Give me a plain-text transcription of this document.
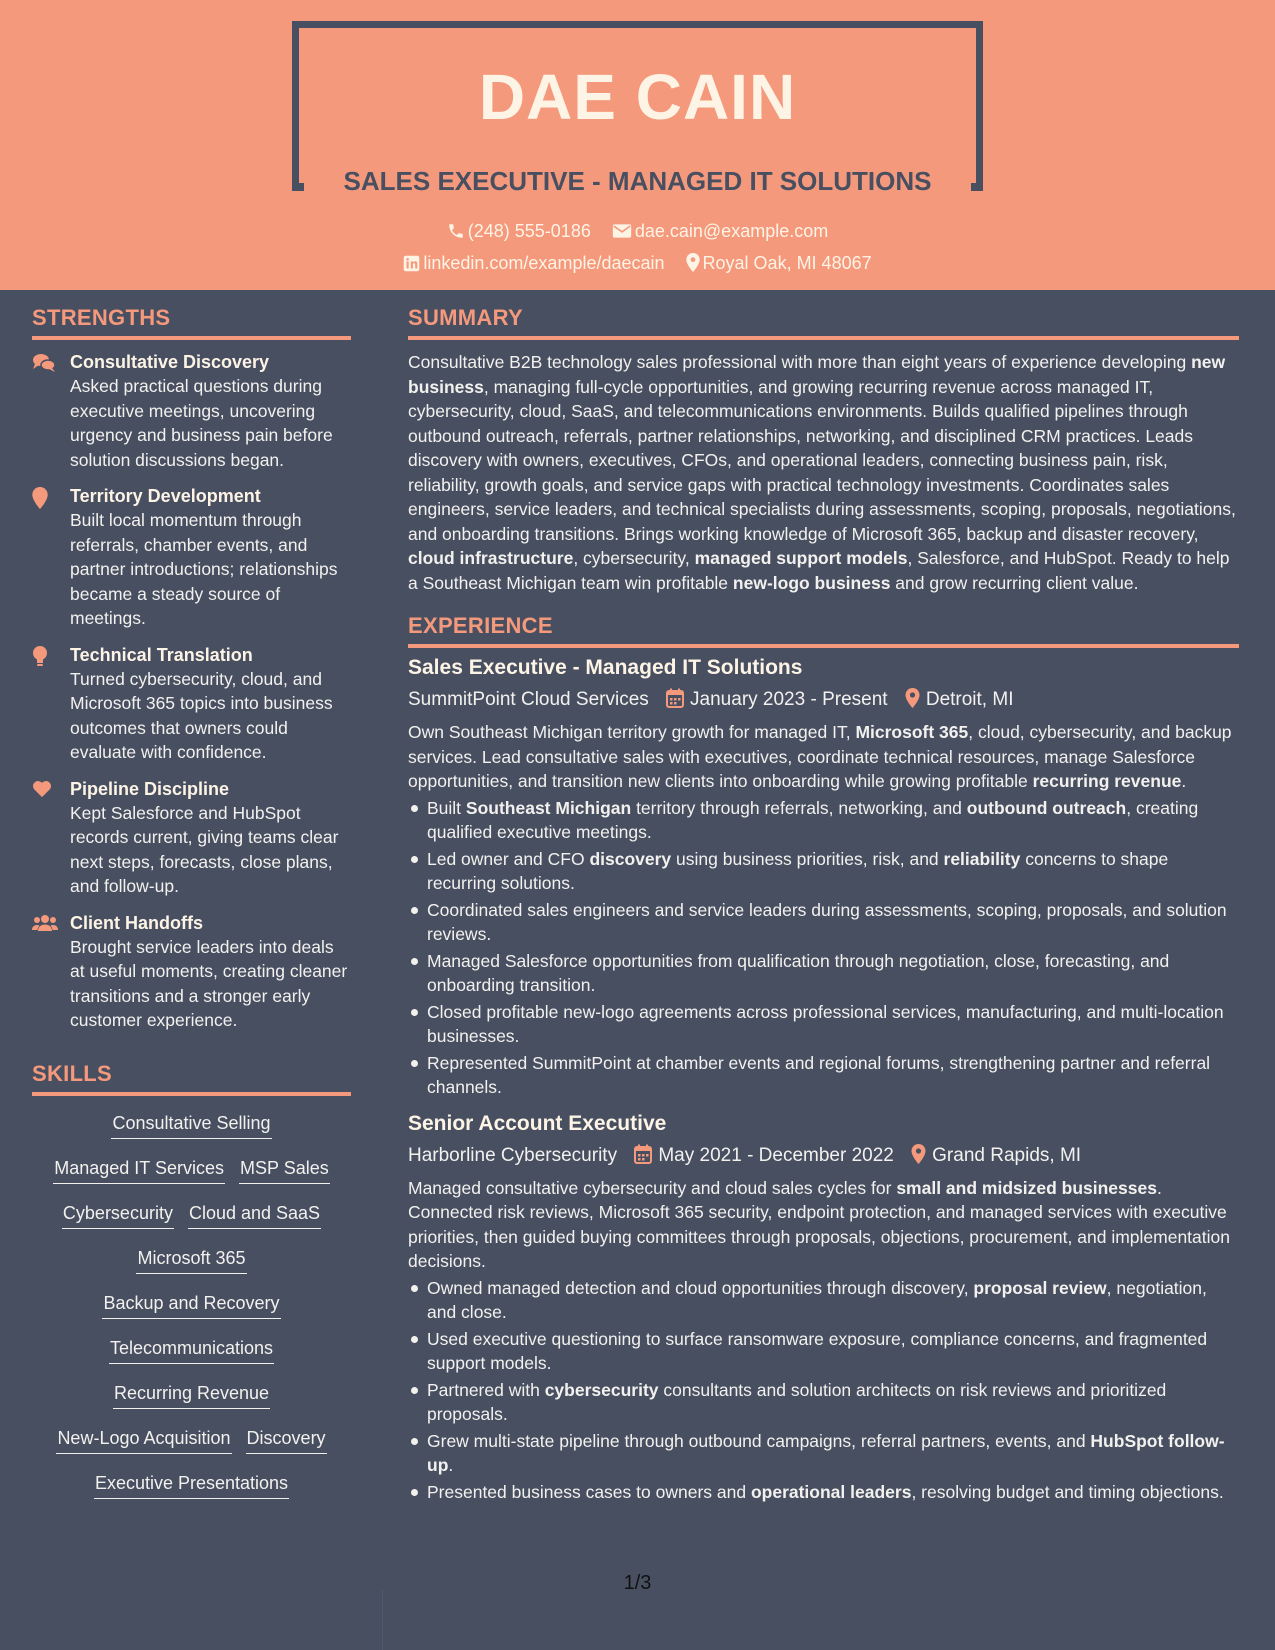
DAE CAIN
SALES EXECUTIVE - MANAGED IT SOLUTIONS
(248) 555-0186 dae.cain@example.com
linkedin.com/example/daecain Royal Oak, MI 48067
STRENGTHS
Consultative Discovery
Asked practical questions during executive meetings, uncovering urgency and business pain before solution discussions began.
Territory Development
Built local momentum through referrals, chamber events, and partner introductions; relationships became a steady source of meetings.
Technical Translation
Turned cybersecurity, cloud, and Microsoft 365 topics into business outcomes that owners could evaluate with confidence.
Pipeline Discipline
Kept Salesforce and HubSpot records current, giving teams clear next steps, forecasts, close plans, and follow-up.
Client Handoffs
Brought service leaders into deals at useful moments, creating cleaner transitions and a stronger early customer experience.
SKILLS
Consultative Selling
Managed IT Services MSP Sales
Cybersecurity Cloud and SaaS
Microsoft 365
Backup and Recovery
Telecommunications
Recurring Revenue
New-Logo Acquisition Discovery
Executive Presentations
SUMMARY

Consultative B2B technology sales professional with more than eight years of experience developing new business, managing full-cycle opportunities, and growing recurring revenue across managed IT, cybersecurity, cloud, SaaS, and telecommunications environments. Builds qualified pipelines through outbound outreach, referrals, partner relationships, networking, and disciplined CRM practices. Leads discovery with owners, executives, CFOs, and operational leaders, connecting business pain, risk, reliability, growth goals, and service gaps with practical technology investments. Coordinates sales engineers, service leaders, and technical specialists during assessments, scoping, proposals, negotiations, and onboarding transitions. Brings working knowledge of Microsoft 365, backup and disaster recovery, cloud infrastructure, cybersecurity, managed support models, Salesforce, and HubSpot. Ready to help a Southeast Michigan team win profitable new-logo business and grow recurring client value.

EXPERIENCE
Sales Executive - Managed IT Solutions
SummitPoint Cloud Services January 2023 - Present Detroit, MI

Own Southeast Michigan territory growth for managed IT, Microsoft 365, cloud, cybersecurity, and backup services. Lead consultative sales with executives, coordinate technical resources, manage Salesforce opportunities, and transition new clients into onboarding while growing profitable recurring revenue.

Built Southeast Michigan territory through referrals, networking, and outbound outreach, creating qualified executive meetings.
Led owner and CFO discovery using business priorities, risk, and reliability concerns to shape recurring solutions.
Coordinated sales engineers and service leaders during assessments, scoping, proposals, and solution reviews.
Managed Salesforce opportunities from qualification through negotiation, close, forecasting, and onboarding transition.
Closed profitable new-logo agreements across professional services, manufacturing, and multi-location businesses.
Represented SummitPoint at chamber events and regional forums, strengthening partner and referral channels.
Senior Account Executive
Harborline Cybersecurity May 2021 - December 2022 Grand Rapids, MI

Managed consultative cybersecurity and cloud sales cycles for small and midsized businesses. Connected risk reviews, Microsoft 365 security, endpoint protection, and managed services with executive priorities, then guided buying committees through proposals, objections, procurement, and implementation decisions.

Owned managed detection and cloud opportunities through discovery, proposal review, negotiation, and close.
Used executive questioning to surface ransomware exposure, compliance concerns, and fragmented support models.
Partnered with cybersecurity consultants and solution architects on risk reviews and prioritized proposals.
Grew multi-state pipeline through outbound campaigns, referral partners, events, and HubSpot follow-up.
Presented business cases to owners and operational leaders, resolving budget and timing objections.
1/3
